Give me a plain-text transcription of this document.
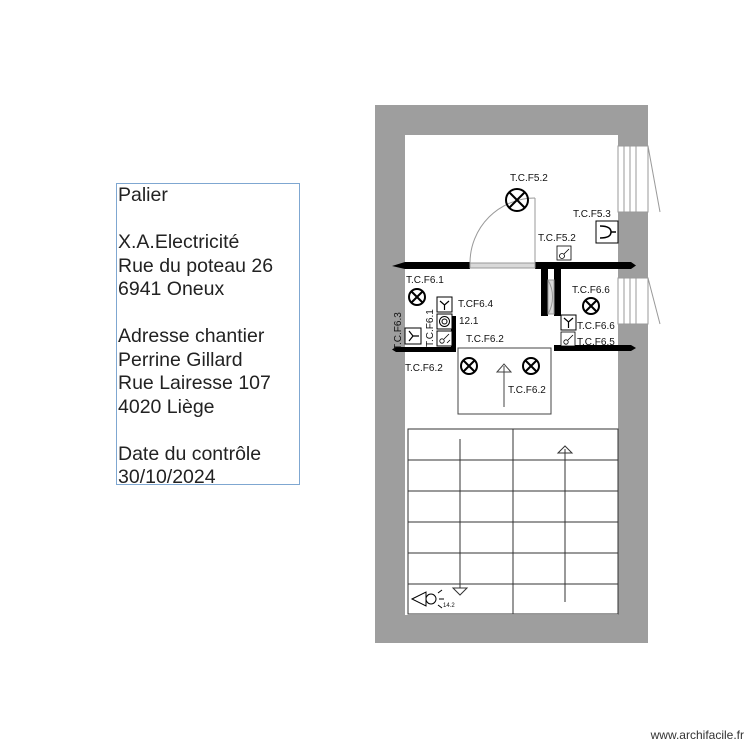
T.C.F5.2
T.C.F5.3
T.C.F5.2
T.C.F6.1
T.CF6.4
12.1
T.C.F6.6
T.C.F6.6
T.C.F6.5
T.C.F6.3 T.C.F6.1	T.C.F6.2
T.C.F6.2
T.C.F6.2
14.2
Palier
X.A.Electricité
Rue du poteau 26
6941 Oneux
Adresse chantier
Perrine Gillard
Rue Lairesse 107
4020 Liège
Date du contrôle
30/10/2024
www.archifacile.fr
